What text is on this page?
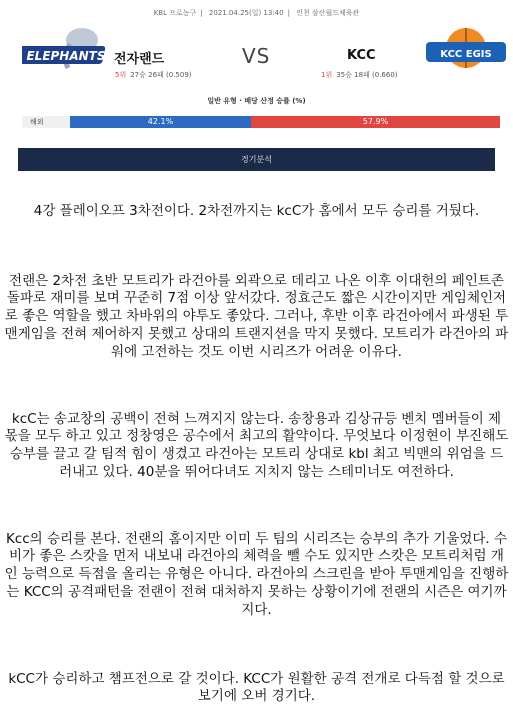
KBL 프로농구 | 2021.04.25(일) 13:40 | 인천 삼산월드체육관
ELEPHANTS 전자랜드
5위 27승 26패 (0.509)
VS	KCC
1위 35승 18패 (0.660)
KCC EGIS
일반 유형 · 배당 산정 승률 (%)
해외	42.1%	57.9%
경기분석

4강 플레이오프 3차전이다. 2차전까지는 kcC가 홈에서 모두 승리를 거뒀다.

전랜은 2차전 초반 모트리가 라건아를 외곽으로 데리고 나온 이후 이대헌의 페인트존 돌파로 재미를 보며 꾸준히 7점 이상 앞서갔다. 정효근도 짧은 시간이지만 게임체인저로 좋은 역할을 했고 차바위의 야투도 좋았다. 그러나, 후반 이후 라건아에서 파생된 투맨게임을 전혀 제어하지 못했고 상대의 트랜지션을 막지 못했다. 모트리가 라건아의 파워에 고전하는 것도 이번 시리즈가 어려운 이유다.

kcC는 송교창의 공백이 전혀 느껴지지 않는다. 송창용과 김상규등 벤치 멤버들이 제 몫을 모두 하고 있고 정창영은 공수에서 최고의 활약이다. 무엇보다 이정현이 부진해도 승부를 끌고 갈 팀적 힘이 생겼고 라건아는 모트리 상대로 kbl 최고 빅맨의 위엄을 드러내고 있다. 40분을 뛰어다녀도 지치지 않는 스테미너도 여전하다.

Kcc의 승리를 본다. 전랜의 홈이지만 이미 두 팀의 시리즈는 승부의 추가 기울었다. 수비가 좋은 스캇을 먼저 내보내 라건아의 체력을 뺄 수도 있지만 스캇은 모트리처럼 개인 능력으로 득점을 올리는 유형은 아니다. 라건아의 스크린을 받아 투맨게임을 진행하는 KCC의 공격패턴을 전랜이 전혀 대처하지 못하는 상황이기에 전랜의 시즌은 여기까지다.

kCC가 승리하고 챔프전으로 갈 것이다. KCC가 원활한 공격 전개로 다득점 할 것으로 보기에 오버 경기다.
